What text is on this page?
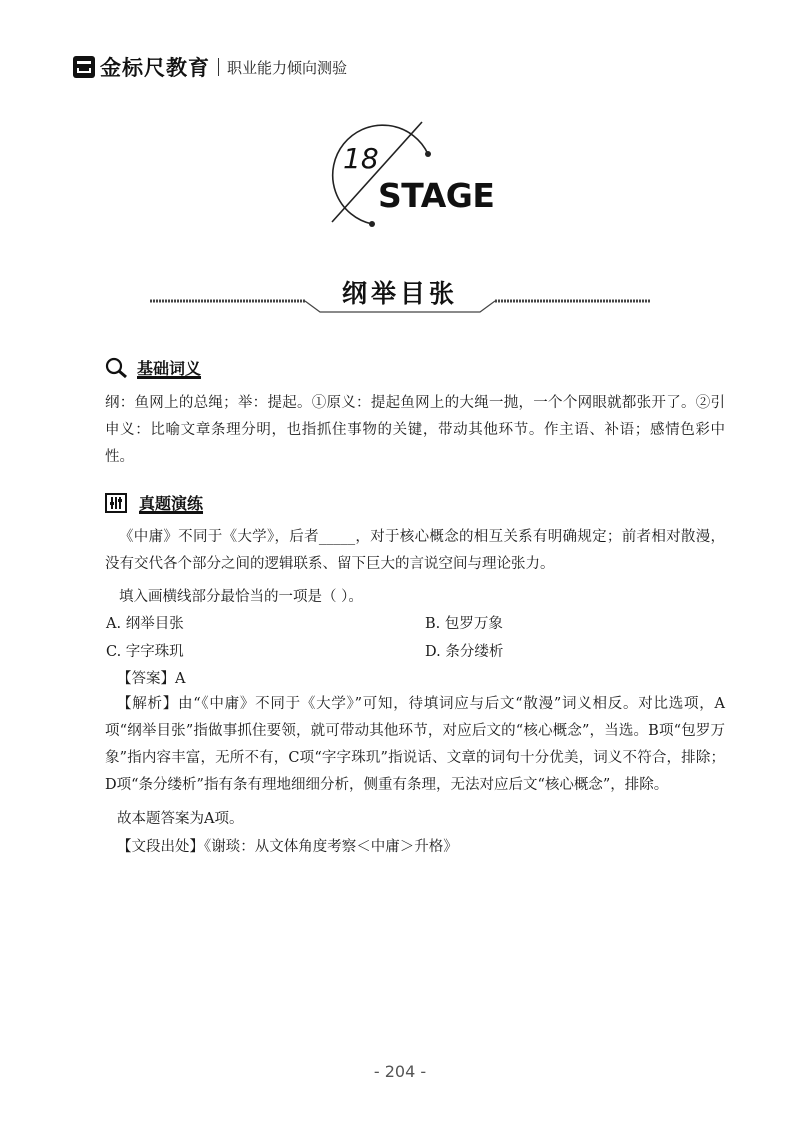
金标尺教育 职业能力倾向测验
18
STAGE
纲举目张
基础词义
纲：鱼网上的总绳；举：提起。①原义：提起鱼网上的大绳一抛，一个个网眼就都张开了。②引申义：比喻文章条理分明，也指抓住事物的关键，带动其他环节。作主语、补语；感情色彩中性。
真题演练
《中庸》不同于《大学》，后者_____，对于核心概念的相互关系有明确规定；前者相对散漫，没有交代各个部分之间的逻辑联系、留下巨大的言说空间与理论张力。
填入画横线部分最恰当的一项是（ ）。
A. 纲举目张	B. 包罗万象
C. 字字珠玑	D. 条分缕析
【答案】A
【解析】由“《中庸》不同于《大学》”可知，待填词应与后文“散漫”词义相反。对比选项，A项“纲举目张”指做事抓住要领，就可带动其他环节，对应后文的“核心概念”，当选。B项“包罗万象”指内容丰富，无所不有，C项“字字珠玑”指说话、文章的词句十分优美，词义不符合，排除；D项“条分缕析”指有条有理地细细分析，侧重有条理，无法对应后文“核心概念”，排除。
故本题答案为A项。
【文段出处】《谢琰：从文体角度考察＜中庸＞升格》
- 204 -
